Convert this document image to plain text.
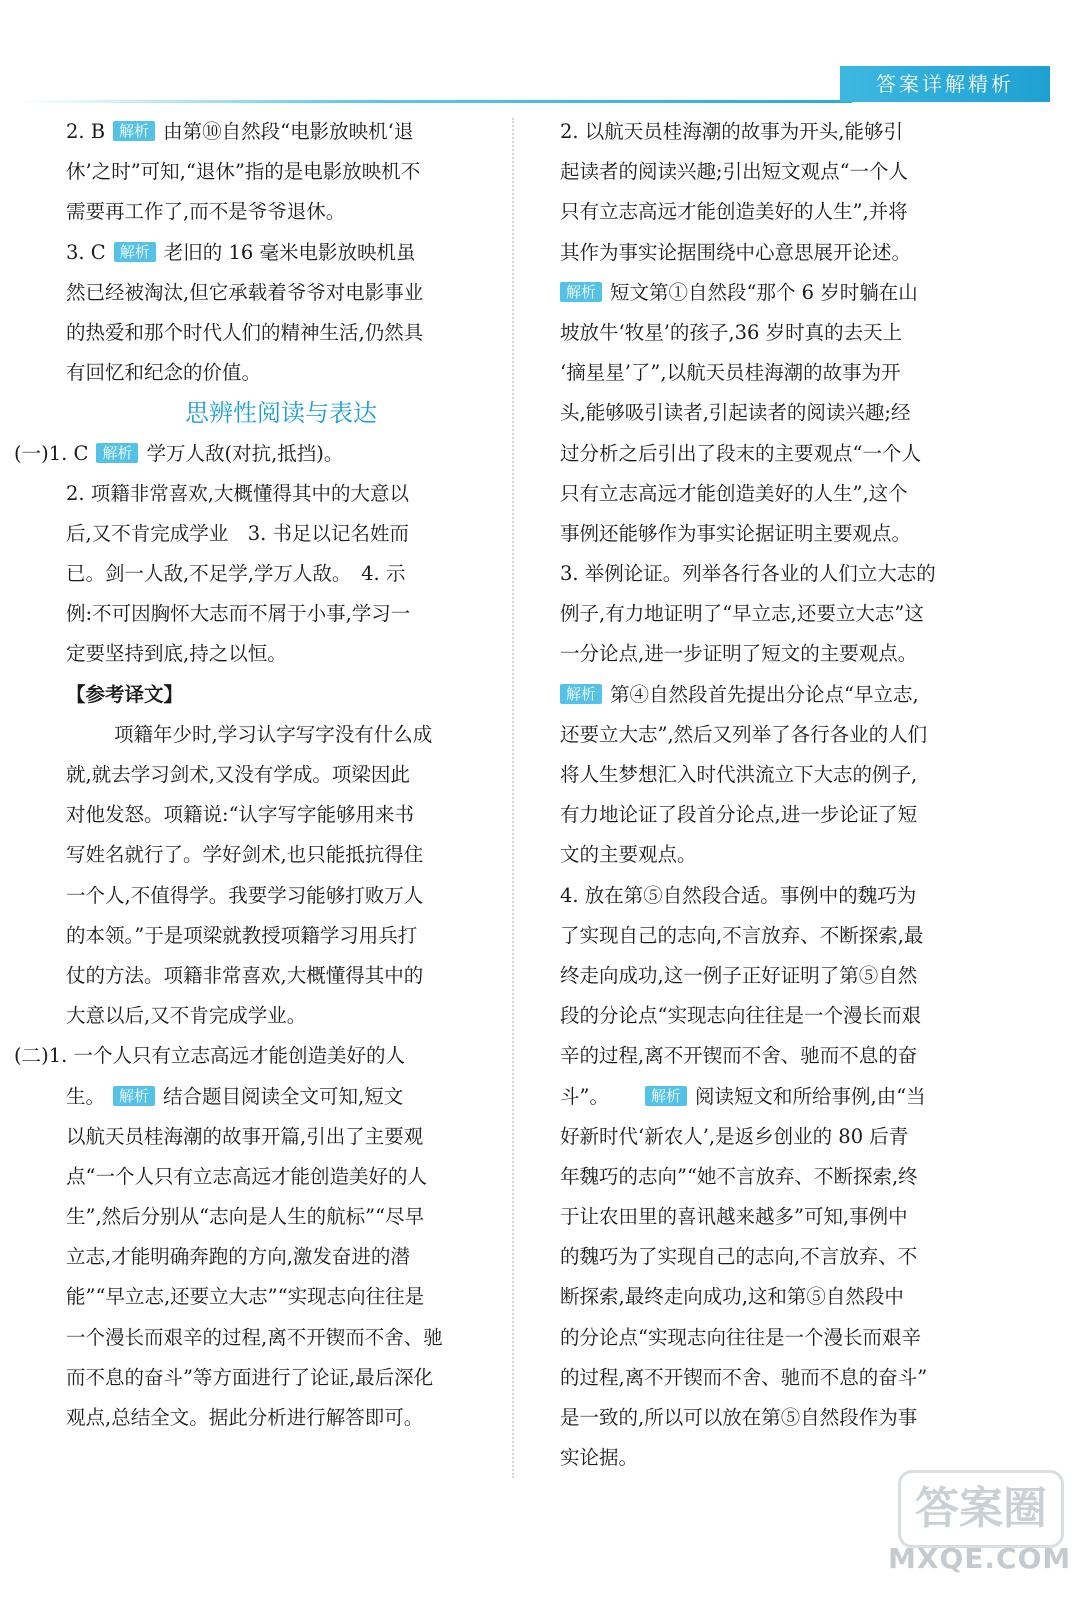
答案详解精析
2. B 解析 由第⑩自然段“电影放映机‘退
休’之时”可知,“退休”指的是电影放映机不
需要再工作了,而不是爷爷退休。
3. C 解析 老旧的 16 毫米电影放映机虽
然已经被淘汰,但它承载着爷爷对电影事业
的热爱和那个时代人们的精神生活,仍然具
有回忆和纪念的价值。
思辨性阅读与表达
(一)1. C 解析 学万人敌(对抗,抵挡)。
2. 项籍非常喜欢,大概懂得其中的大意以
后,又不肯完成学业　3. 书足以记名姓而
已。剑一人敌,不足学,学万人敌。　4. 示
例:不可因胸怀大志而不屑于小事,学习一
定要坚持到底,持之以恒。
【参考译文】
项籍年少时,学习认字写字没有什么成
就,就去学习剑术,又没有学成。项梁因此
对他发怒。项籍说:“认字写字能够用来书
写姓名就行了。学好剑术,也只能抵抗得住
一个人,不值得学。我要学习能够打败万人
的本领。”于是项梁就教授项籍学习用兵打
仗的方法。项籍非常喜欢,大概懂得其中的
大意以后,又不肯完成学业。
(二)1. 一个人只有立志高远才能创造美好的人
生。 解析 结合题目阅读全文可知,短文
以航天员桂海潮的故事开篇,引出了主要观
点“一个人只有立志高远才能创造美好的人
生”,然后分别从“志向是人生的航标”“尽早
立志,才能明确奔跑的方向,激发奋进的潜
能”“早立志,还要立大志”“实现志向往往是
一个漫长而艰辛的过程,离不开锲而不舍、驰
而不息的奋斗”等方面进行了论证,最后深化
观点,总结全文。据此分析进行解答即可。
2. 以航天员桂海潮的故事为开头,能够引
起读者的阅读兴趣;引出短文观点“一个人
只有立志高远才能创造美好的人生”,并将
其作为事实论据围绕中心意思展开论述。
解析 短文第①自然段“那个 6 岁时躺在山
坡放牛‘牧星’的孩子,36 岁时真的去天上
‘摘星星’了”,以航天员桂海潮的故事为开
头,能够吸引读者,引起读者的阅读兴趣;经
过分析之后引出了段末的主要观点“一个人
只有立志高远才能创造美好的人生”,这个
事例还能够作为事实论据证明主要观点。
3. 举例论证。列举各行各业的人们立大志的
例子,有力地证明了“早立志,还要立大志”这
一分论点,进一步证明了短文的主要观点。
解析 第④自然段首先提出分论点“早立志,
还要立大志”,然后又列举了各行各业的人们
将人生梦想汇入时代洪流立下大志的例子,
有力地论证了段首分论点,进一步论证了短
文的主要观点。
4. 放在第⑤自然段合适。事例中的魏巧为
了实现自己的志向,不言放弃、不断探索,最
终走向成功,这一例子正好证明了第⑤自然
段的分论点“实现志向往往是一个漫长而艰
辛的过程,离不开锲而不舍、驰而不息的奋
斗”。	解析 阅读短文和所给事例,由“当
好新时代‘新农人’,是返乡创业的 80 后青
年魏巧的志向”“她不言放弃、不断探索,终
于让农田里的喜讯越来越多”可知,事例中
的魏巧为了实现自己的志向,不言放弃、不
断探索,最终走向成功,这和第⑤自然段中
的分论点“实现志向往往是一个漫长而艰辛
的过程,离不开锲而不舍、驰而不息的奋斗”
是一致的,所以可以放在第⑤自然段作为事
实论据。
答案圈
MXQE.COM
